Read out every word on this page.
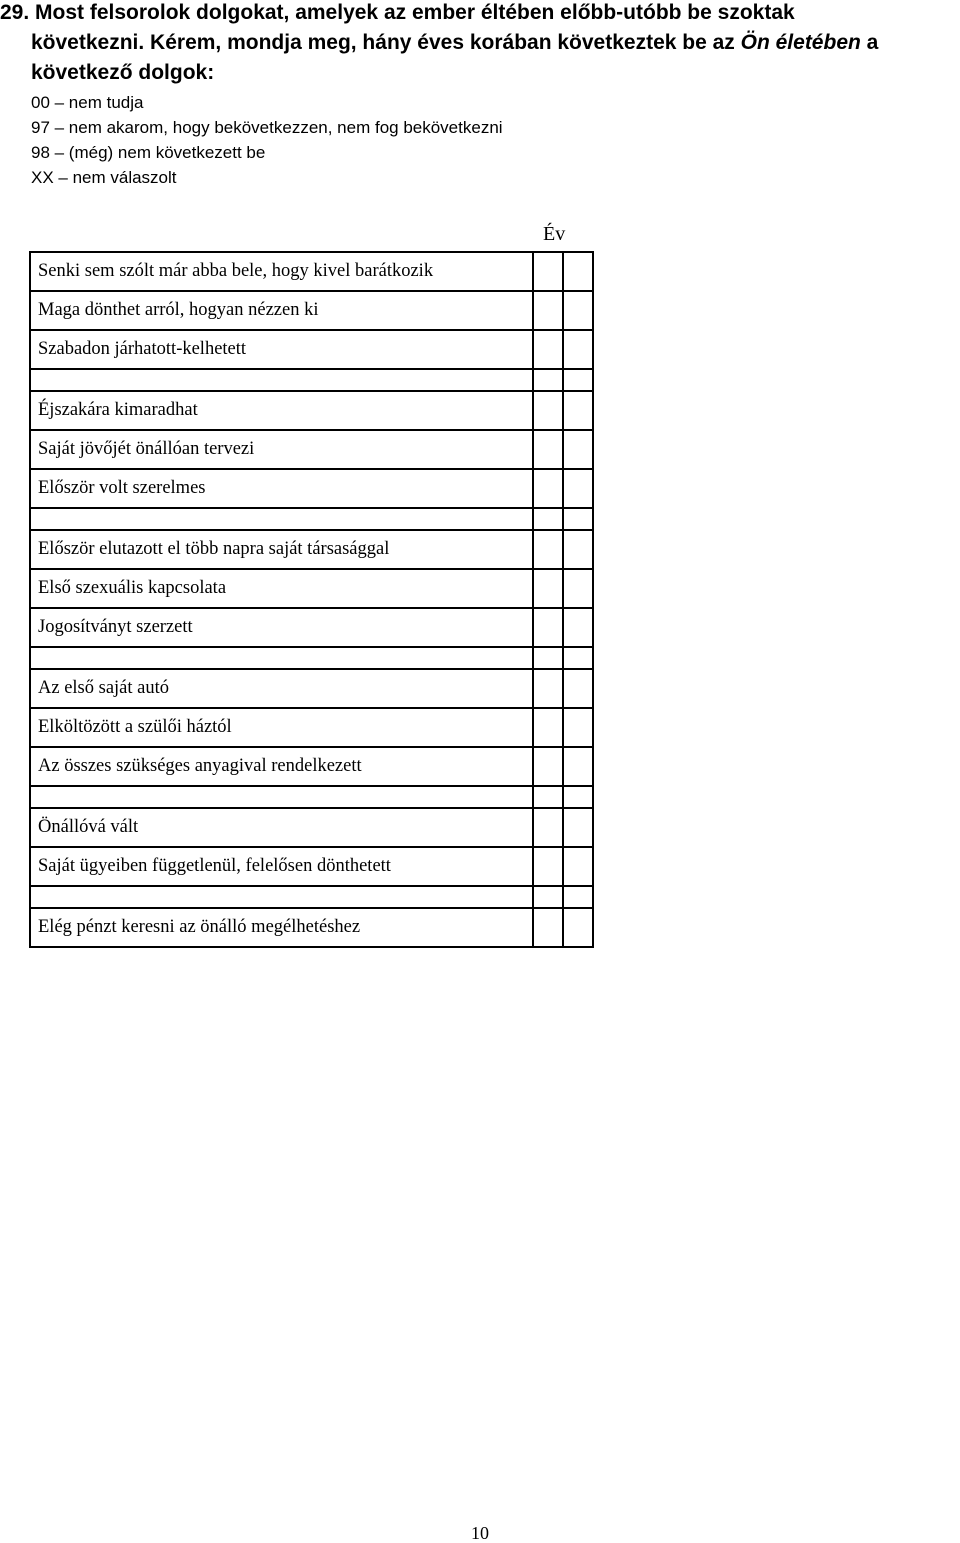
29. Most felsorolok dolgokat, amelyek az ember éltében előbb-utóbb be szoktak
következni. Kérem, mondja meg, hány éves korában következtek be az Ön életében a
következő dolgok:
00 – nem tudja
97 – nem akarom, hogy bekövetkezzen, nem fog bekövetkezni
98 – (még) nem következett be
XX – nem válaszolt
Év
Senki sem szólt már abba bele, hogy kivel barátkozik		
Maga dönthet arról, hogyan nézzen ki		
Szabadon járhatott-kelhetett		

Éjszakára kimaradhat		
Saját jövőjét önállóan tervezi		
Először volt szerelmes		

Először elutazott el több napra saját társasággal		
Első szexuális kapcsolata		
Jogosítványt szerzett		

Az első saját autó		
Elköltözött a szülői háztól		
Az összes szükséges anyagival rendelkezett		

Önállóvá vált		
Saját ügyeiben függetlenül, felelősen dönthetett		

Elég pénzt keresni az önálló megélhetéshez		
10
